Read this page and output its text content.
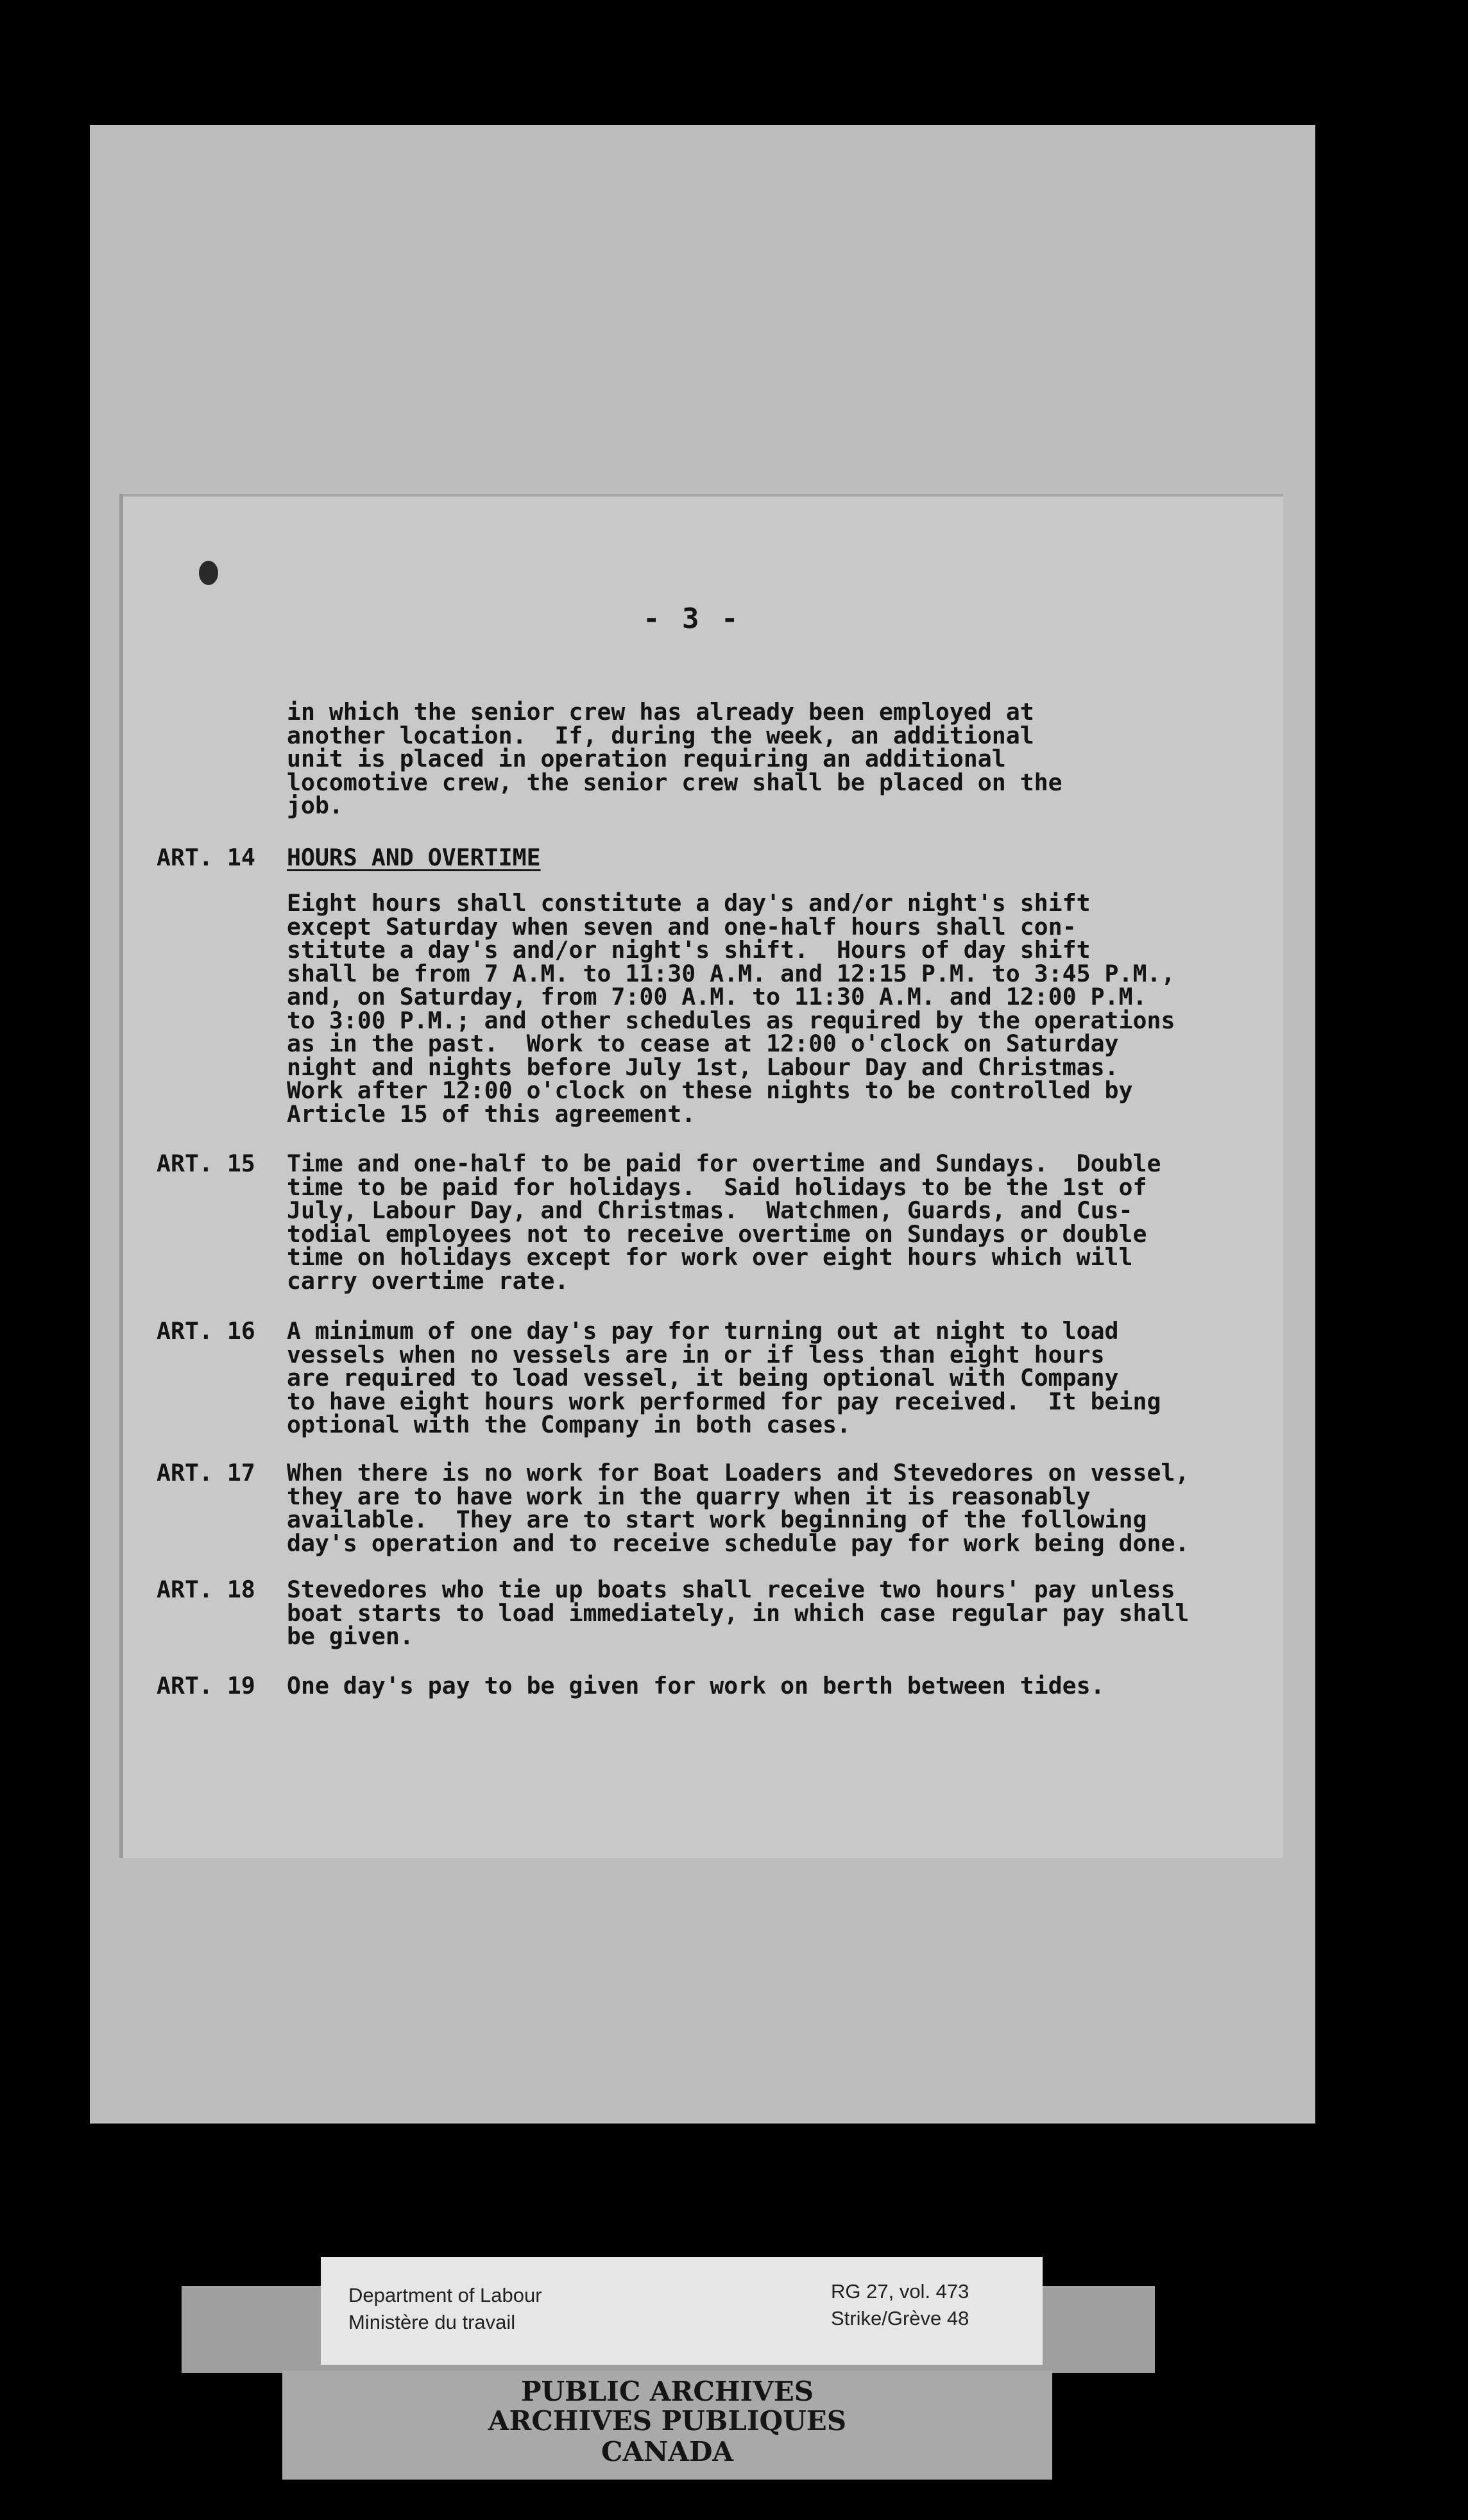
- 3 -
in which the senior crew has already been employed at
another location.  If, during the week, an additional
unit is placed in operation requiring an additional
locomotive crew, the senior crew shall be placed on the
job.
ART. 14 HOURS AND OVERTIME
Eight hours shall constitute a day's and/or night's shift
except Saturday when seven and one-half hours shall con-
stitute a day's and/or night's shift.  Hours of day shift
shall be from 7 A.M. to 11:30 A.M. and 12:15 P.M. to 3:45 P.M.,
and, on Saturday, from 7:00 A.M. to 11:30 A.M. and 12:00 P.M.
to 3:00 P.M.; and other schedules as required by the operations
as in the past.  Work to cease at 12:00 o'clock on Saturday
night and nights before July 1st, Labour Day and Christmas.
Work after 12:00 o'clock on these nights to be controlled by
Article 15 of this agreement.
ART. 15 Time and one-half to be paid for overtime and Sundays.  Double
time to be paid for holidays.  Said holidays to be the 1st of
July, Labour Day, and Christmas.  Watchmen, Guards, and Cus-
todial employees not to receive overtime on Sundays or double
time on holidays except for work over eight hours which will
carry overtime rate.
ART. 16 A minimum of one day's pay for turning out at night to load
vessels when no vessels are in or if less than eight hours
are required to load vessel, it being optional with Company
to have eight hours work performed for pay received.  It being
optional with the Company in both cases.
ART. 17 When there is no work for Boat Loaders and Stevedores on vessel,
they are to have work in the quarry when it is reasonably
available.  They are to start work beginning of the following
day's operation and to receive schedule pay for work being done.
ART. 18 Stevedores who tie up boats shall receive two hours' pay unless
boat starts to load immediately, in which case regular pay shall
be given.
ART. 19 One day's pay to be given for work on berth between tides.
Department of Labour
Ministère du travail
RG 27, vol. 473
Strike/Grève 48
PUBLIC ARCHIVES
ARCHIVES PUBLIQUES
CANADA
